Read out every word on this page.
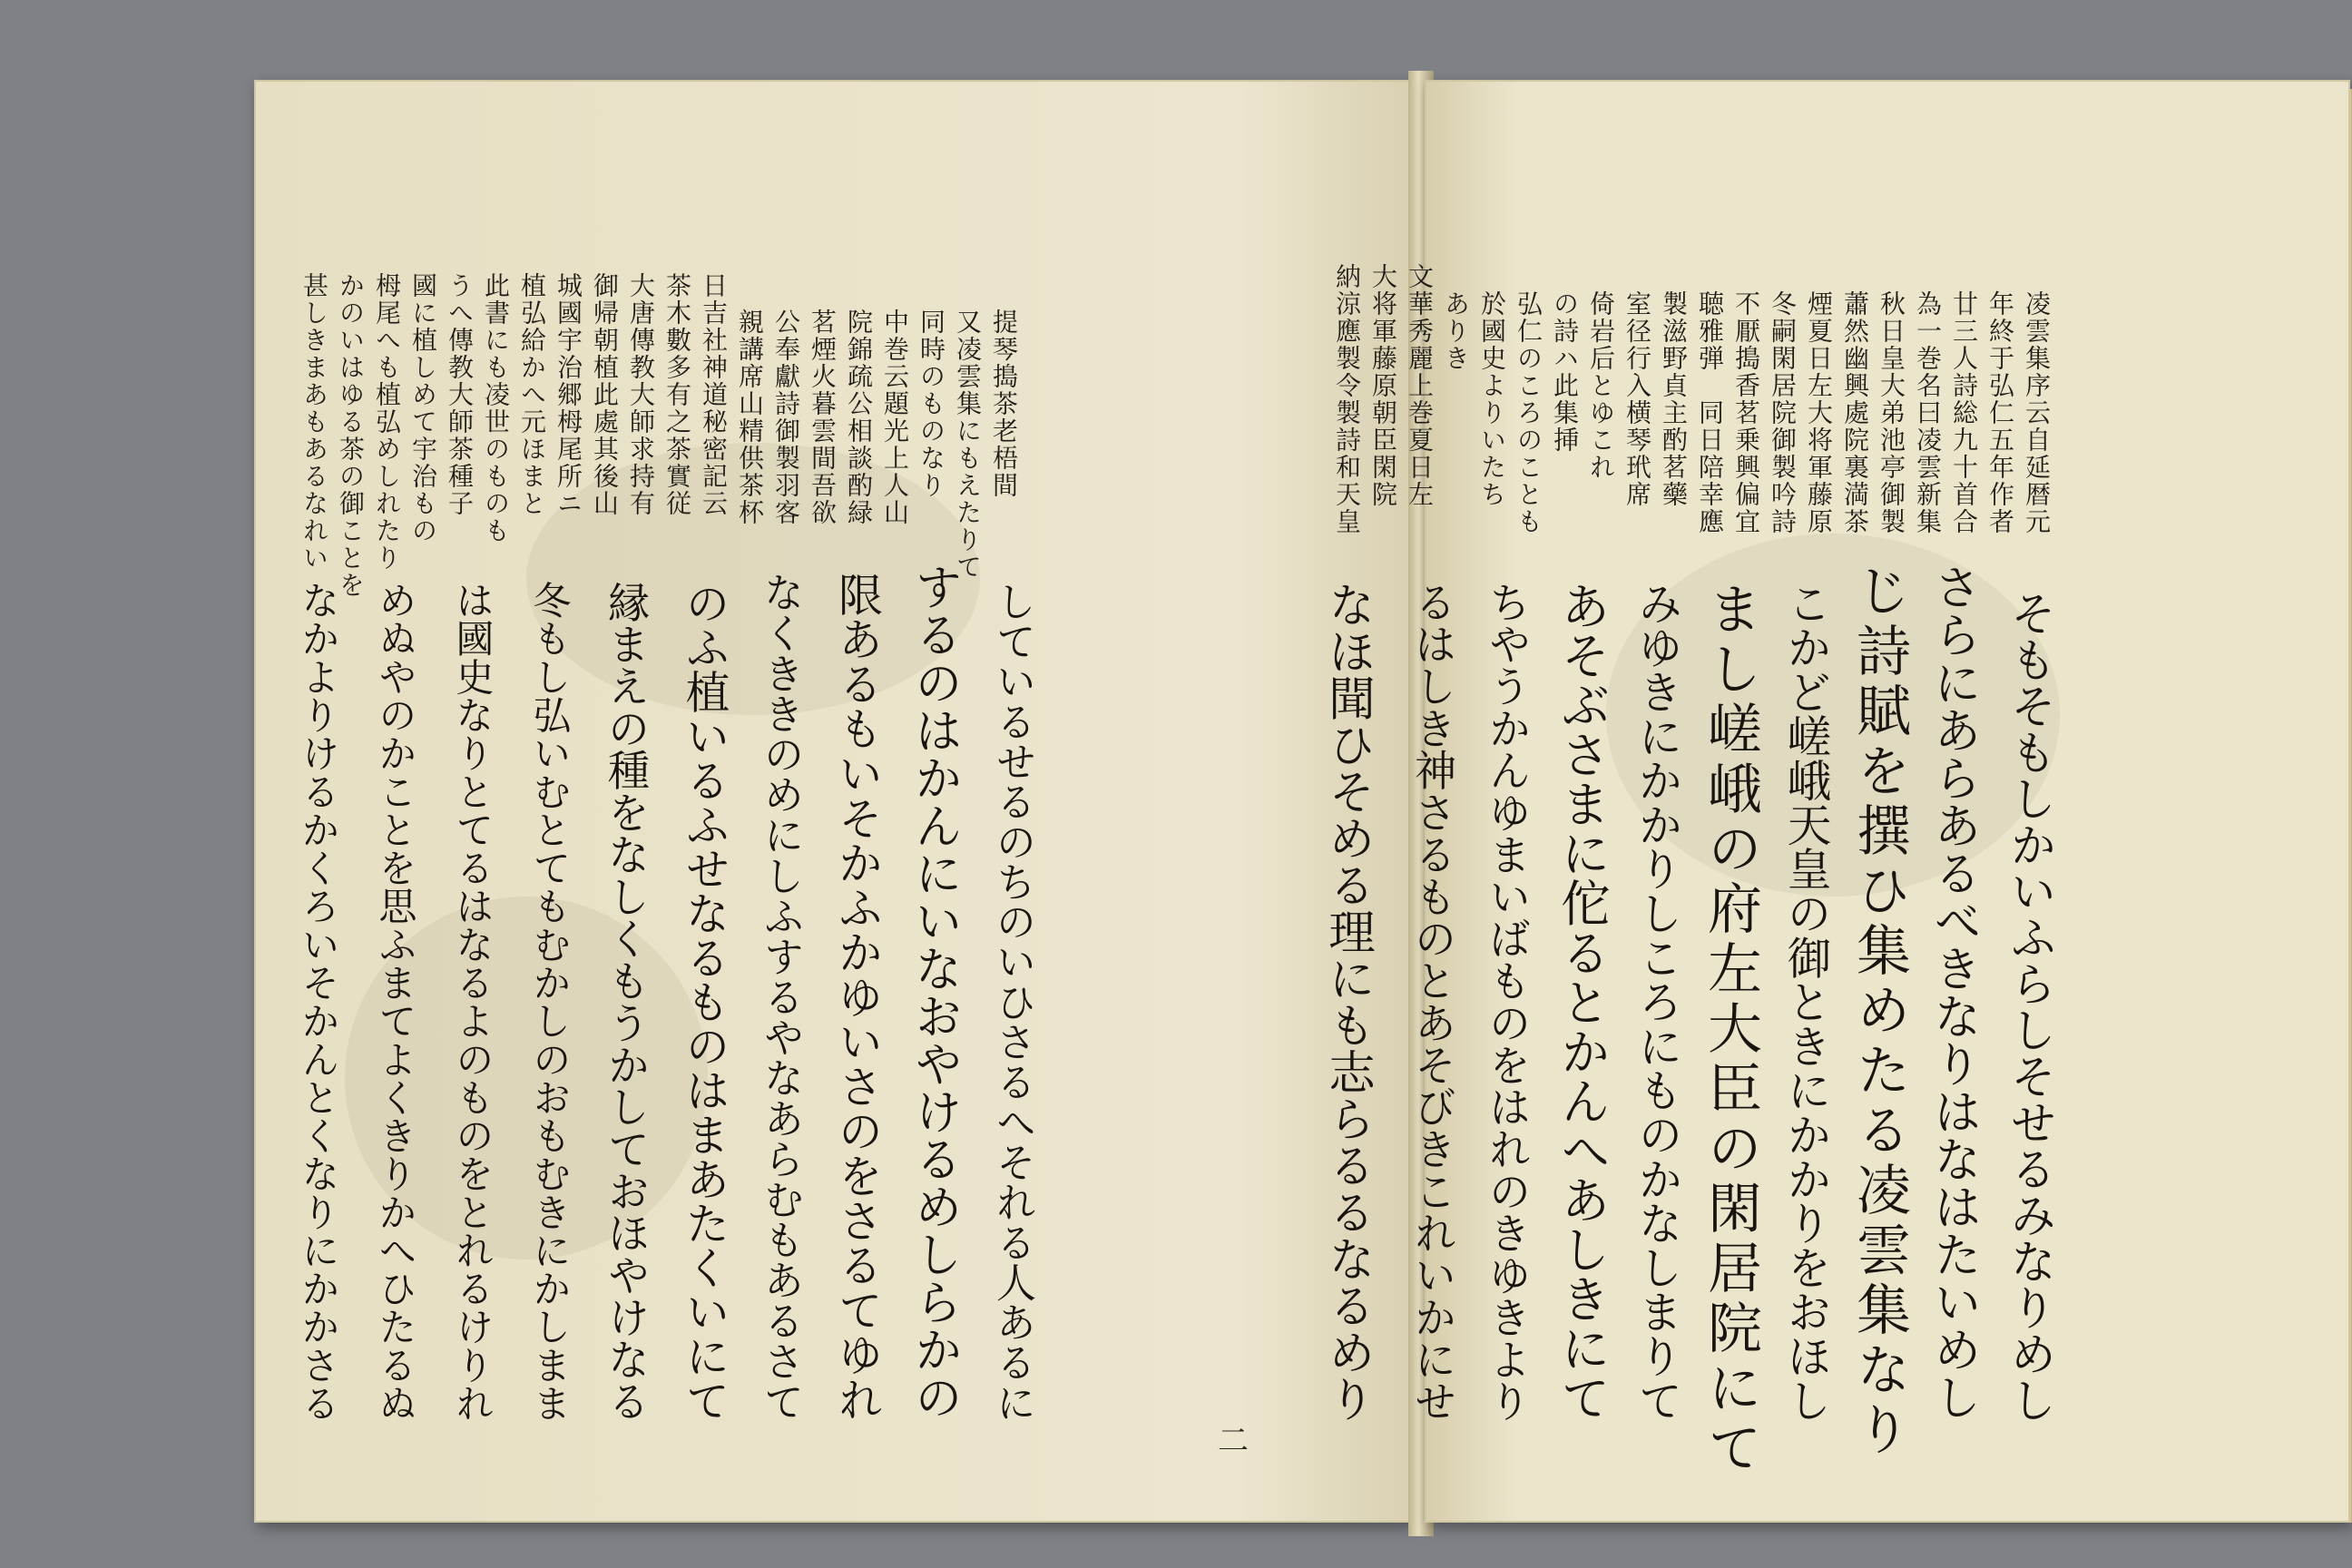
凌雲集序云自延暦元
年終于弘仁五年作者
廿三人詩総九十首合
為一巻名曰凌雲新集
秋日皇大弟池亭御製
蕭然幽興處院裏満茶
煙夏日左大将軍藤原
冬嗣閑居院御製吟詩
不厭搗香茗乗興偏宜
聴雅弾　同日陪幸應
製滋野貞主酌茗藥
室径行入横琴玳席
倚岩后とゆこれ
の詩ハ此集挿
弘仁のころのことも
於國史よりいたち
ありき
文華秀麗上巻夏日左
大将軍藤原朝臣閑院
納涼應製令製詩和天皇
そもそもしかいふらしそせるみなりめし
さらにあらあるべきなりはなはたいめし
じ詩賦を撰ひ集めたる凌雲集なり
こかど嵯峨天皇の御ときにかかりをおほし
まし嵯峨の府左大臣の閑居院にて
みゆきにかかりしころにものかなしまりて
あそぶさまに佗るとかんへあしきにて
ちやうかんゆまいばものをはれのきゆきより
るはしき神さるものとあそびきこれいかにせ
なほ聞ひそめる理にも志らるるなるめり
二
提琴搗茶老梧間
又凌雲集にもえたりて
同時のものなり
中巻云題光上人山
院錦疏公相談酌緑
茗煙火暮雲間吾欲
公奉獻詩御製羽客
親講席山精供茶杯
日吉社神道秘密記云
茶木數多有之茶實従
大唐傳教大師求持有
御帰朝植此處其後山
城國宇治郷栂尾所ニ
植弘給かへ元ほまと
此書にも凌世のものも
うへ傳教大師茶種子
國に植しめて宇治もの
栂尾へも植弘めしれたり
かのいはゆる茶の御ことを
甚しきまあもあるなれい
しているせるのちのいひさるへそれる人あるに
するのはかんにいなおやけるめしらかの
限あるもいそかふかゆいさのをさるてゆれ
なくききのめにしふするやなあらむもあるさて
のふ植いるふせなるものはまあたくいにて
縁まえの種をなしくもうかしておほやけなる
冬もし弘いむとてもむかしのおもむきにかしまま
は國史なりとてるはなるよのものをとれるけりれ
めぬやのかことを思ふまてよくきりかへひたるぬ
なかよりけるかくろいそかんとくなりにかかさる
